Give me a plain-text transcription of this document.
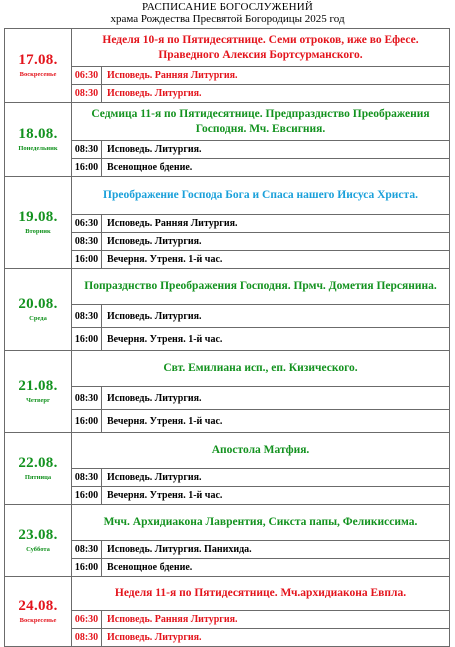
РАСПИСАНИЕ БОГОСЛУЖЕНИЙ
храма Рождества Пресвятой Богородицы 2025 год
17.08.
Воскресенье	Неделя 10-я по Пятидесятнице. Семи отроков, иже во Ефесе. Праведного Алексия Бортсурманского.	
	06:30	Исповедь. Ранняя Литургия.
	08:30	Исповедь. Литургия.

18.08.
Понедельник	Седмица 11-я по Пятидесятнице. Предпразднство Преображения Господня. Мч. Евсигния.	
	08:30	Исповедь. Литургия.
	16:00	Всенощное бдение.

19.08.
Вторник	Преображение Господа Бога и Спаса нашего Иисуса Христа.	
	06:30	Исповедь. Ранняя Литургия.
	08:30	Исповедь. Литургия.
	16:00	Вечерня. Утреня. 1-й час.

20.08.
Среда	Попразднство Преображения Господня. Прмч. Дометия Персянина.	
	08:30	Исповедь. Литургия.
	16:00	Вечерня. Утреня. 1-й час.

21.08.
Четверг	Свт. Емилиана исп., еп. Кизического.	
	08:30	Исповедь. Литургия.
	16:00	Вечерня. Утреня. 1-й час.

22.08.
Пятница	Апостола Матфия.	
	08:30	Исповедь. Литургия.
	16:00	Вечерня. Утреня. 1-й час.

23.08.
Суббота	Мчч. Архидиакона Лаврентия, Сикста папы, Феликиссима.	
	08:30	Исповедь. Литургия. Панихида.
	16:00	Всенощное бдение.

24.08.
Воскресенье	Неделя 11-я по Пятидесятнице. Мч.архидиакона Евпла.	
	06:30	Исповедь. Ранняя Литургия.
	08:30	Исповедь. Литургия.
